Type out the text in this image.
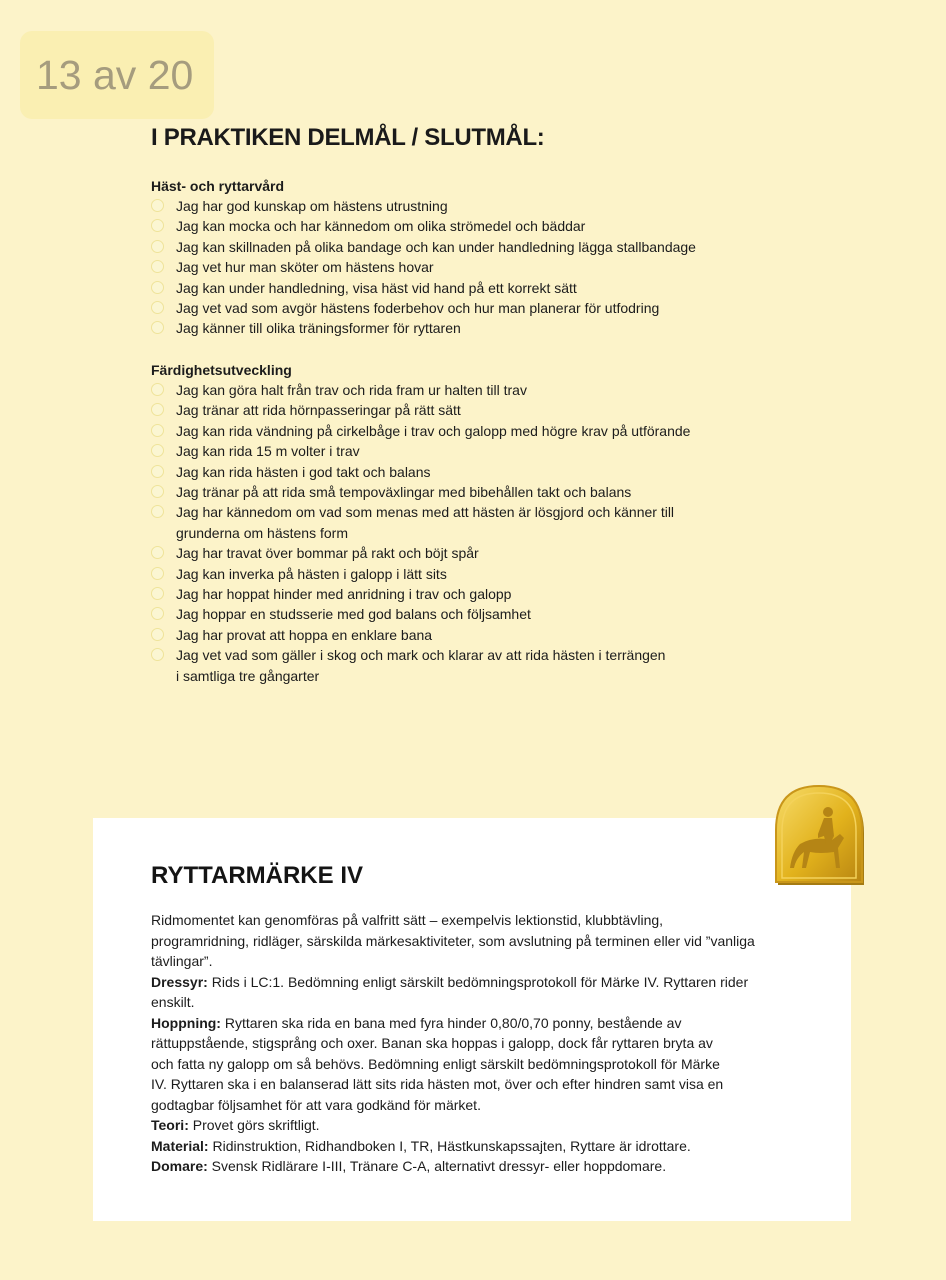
13 av 20
I PRAKTIKEN DELMÅL / SLUTMÅL:
Häst- och ryttarvård
Jag har god kunskap om hästens utrustning
Jag kan mocka och har kännedom om olika strömedel och bäddar
Jag kan skillnaden på olika bandage och kan under handledning lägga stallbandage
Jag vet hur man sköter om hästens hovar
Jag kan under handledning, visa häst vid hand på ett korrekt sätt
Jag vet vad som avgör hästens foderbehov och hur man planerar för utfodring
Jag känner till olika träningsformer för ryttaren
Färdighetsutveckling
Jag kan göra halt från trav och rida fram ur halten till trav
Jag tränar att rida hörnpasseringar på rätt sätt
Jag kan rida vändning på cirkelbåge i trav och galopp med högre krav på utförande
Jag kan rida 15 m volter i trav
Jag kan rida hästen i god takt och balans
Jag tränar på att rida små tempoväxlingar med bibehållen takt och balans
Jag har kännedom om vad som menas med att hästen är lösgjord och känner till
grunderna om hästens form
Jag har travat över bommar på rakt och böjt spår
Jag kan inverka på hästen i galopp i lätt sits
Jag har hoppat hinder med anridning i trav och galopp
Jag hoppar en studsserie med god balans och följsamhet
Jag har provat att hoppa en enklare bana
Jag vet vad som gäller i skog och mark och klarar av att rida hästen i terrängen
i samtliga tre gångarter
RYTTARMÄRKE IV

Ridmomentet kan genomföras på valfritt sätt – exempelvis lektionstid, klubbtävling,

programridning, ridläger, särskilda märkesaktiviteter, som avslutning på terminen eller vid ”vanliga

tävlingar”.

Dressyr: Rids i LC:1. Bedömning enligt särskilt bedömningsprotokoll för Märke IV. Ryttaren rider

enskilt.

Hoppning: Ryttaren ska rida en bana med fyra hinder 0,80/0,70 ponny, bestående av

rättuppstående, stigsprång och oxer. Banan ska hoppas i galopp, dock får ryttaren bryta av

och fatta ny galopp om så behövs. Bedömning enligt särskilt bedömningsprotokoll för Märke

IV. Ryttaren ska i en balanserad lätt sits rida hästen mot, över och efter hindren samt visa en

godtagbar följsamhet för att vara godkänd för märket.

Teori: Provet görs skriftligt.

Material: Ridinstruktion, Ridhandboken I, TR, Hästkunskapssajten, Ryttare är idrottare.

Domare: Svensk Ridlärare I-III, Tränare C-A, alternativt dressyr- eller hoppdomare.
